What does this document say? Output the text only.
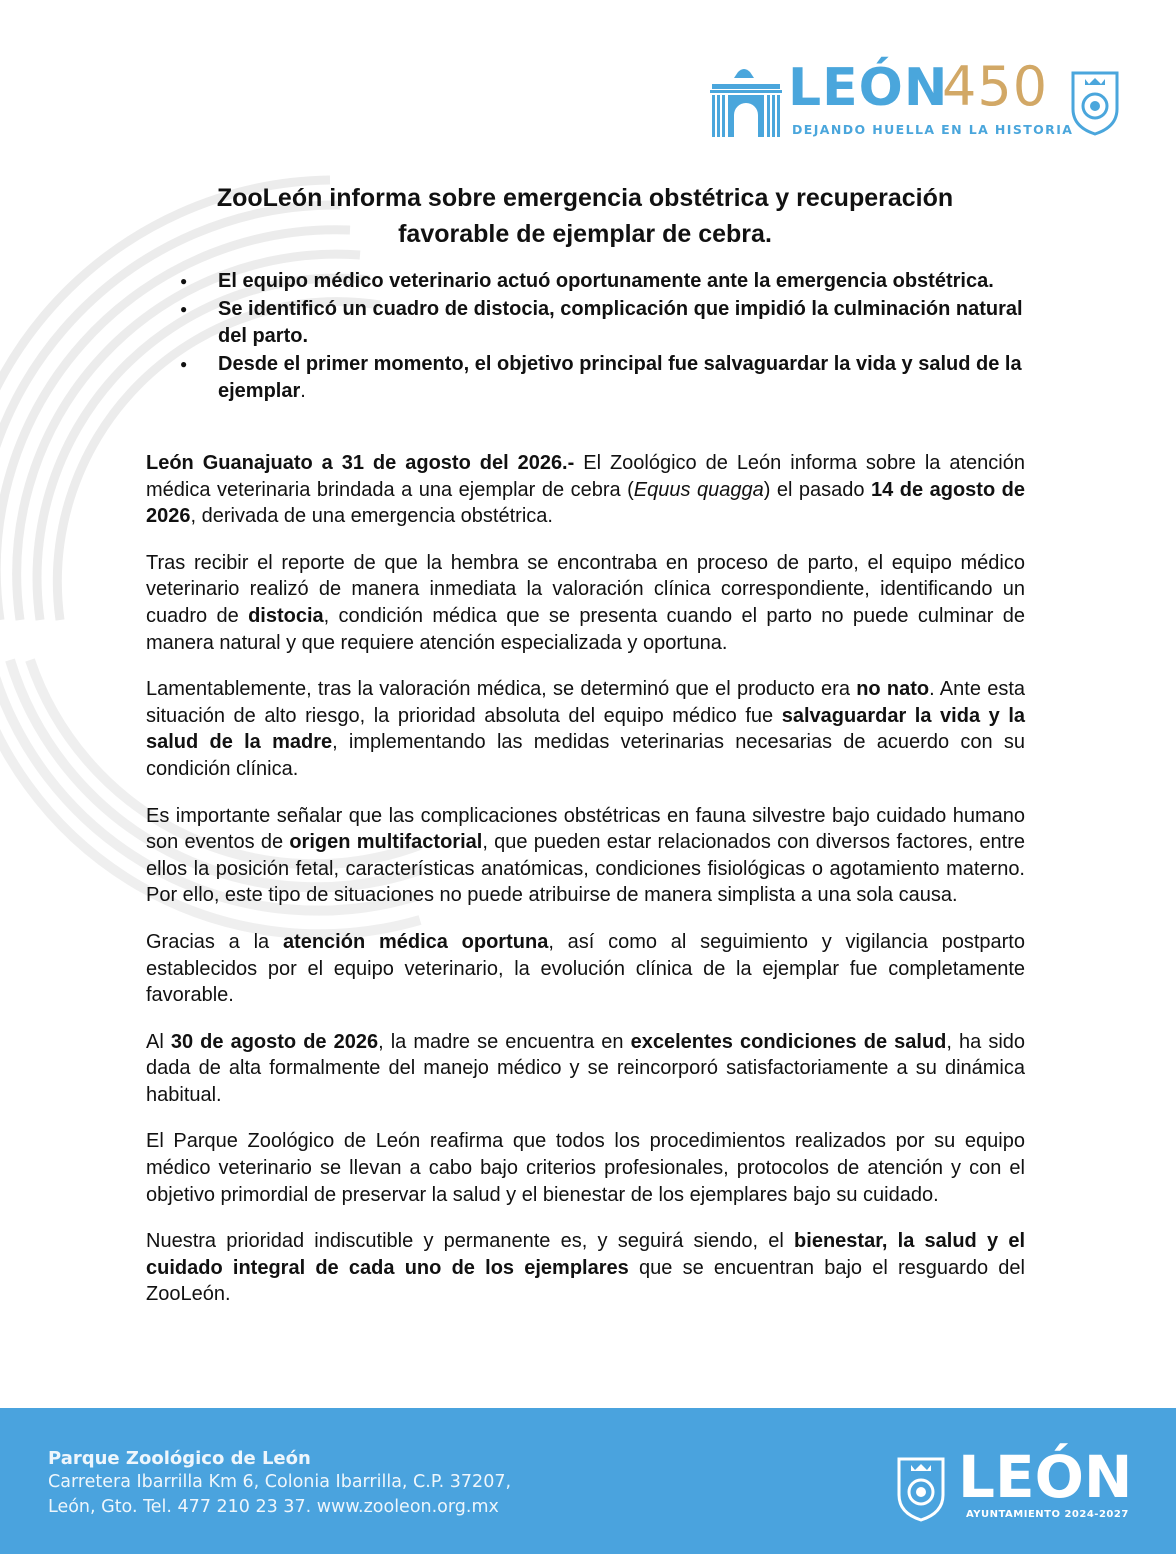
LEÓN
450
DEJANDO HUELLA EN LA HISTORIA
ZooLeón informa sobre emergencia obstétrica y recuperación
favorable de ejemplar de cebra.
● El equipo médico veterinario actuó oportunamente ante la emergencia obstétrica.
● Se identificó un cuadro de distocia, complicación que impidió la culminación natural del parto.
● Desde el primer momento, el objetivo principal fue salvaguardar la vida y salud de la ejemplar.

León Guanajuato a 31 de agosto del 2026.- El Zoológico de León informa sobre la atención médica veterinaria brindada a una ejemplar de cebra (Equus quagga) el pasado 14 de agosto de 2026, derivada de una emergencia obstétrica.

Tras recibir el reporte de que la hembra se encontraba en proceso de parto, el equipo médico veterinario realizó de manera inmediata la valoración clínica correspondiente, identificando un cuadro de distocia, condición médica que se presenta cuando el parto no puede culminar de manera natural y que requiere atención especializada y oportuna.

Lamentablemente, tras la valoración médica, se determinó que el producto era no nato. Ante esta situación de alto riesgo, la prioridad absoluta del equipo médico fue salvaguardar la vida y la salud de la madre, implementando las medidas veterinarias necesarias de acuerdo con su condición clínica.

Es importante señalar que las complicaciones obstétricas en fauna silvestre bajo cuidado humano son eventos de origen multifactorial, que pueden estar relacionados con diversos factores, entre ellos la posición fetal, características anatómicas, condiciones fisiológicas o agotamiento materno. Por ello, este tipo de situaciones no puede atribuirse de manera simplista a una sola causa.

Gracias a la atención médica oportuna, así como al seguimiento y vigilancia postparto establecidos por el equipo veterinario, la evolución clínica de la ejemplar fue completamente favorable.

Al 30 de agosto de 2026, la madre se encuentra en excelentes condiciones de salud, ha sido dada de alta formalmente del manejo médico y se reincorporó satisfactoriamente a su dinámica habitual.

El Parque Zoológico de León reafirma que todos los procedimientos realizados por su equipo médico veterinario se llevan a cabo bajo criterios profesionales, protocolos de atención y con el objetivo primordial de preservar la salud y el bienestar de los ejemplares bajo su cuidado.

Nuestra prioridad indiscutible y permanente es, y seguirá siendo, el bienestar, la salud y el cuidado integral de cada uno de los ejemplares que se encuentran bajo el resguardo del ZooLeón.

Parque Zoológico de León
Carretera Ibarrilla Km 6, Colonia Ibarrilla, C.P. 37207,
León, Gto. Tel. 477 210 23 37. www.zooleon.org.mx	LEÓN
AYUNTAMIENTO 2024-2027
